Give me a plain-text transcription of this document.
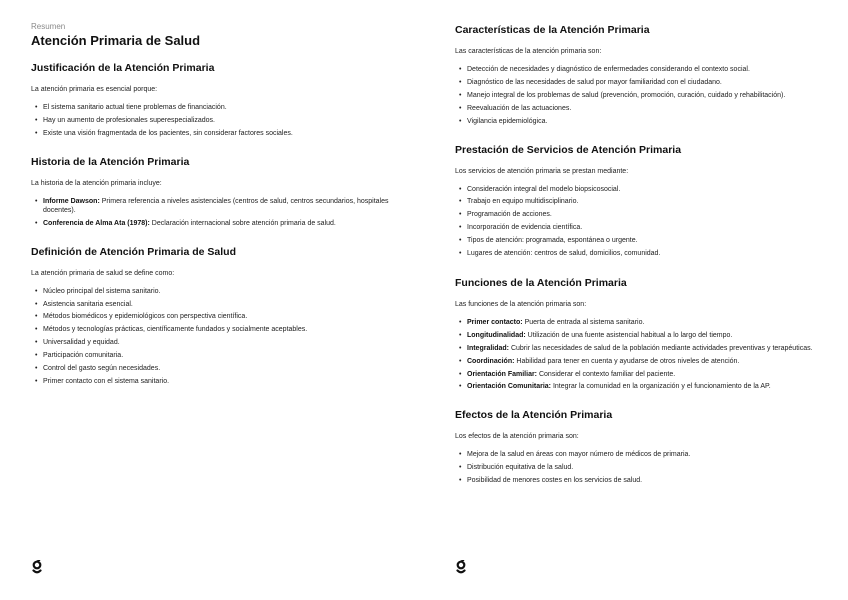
Resumen
Atención Primaria de Salud
Justificación de la Atención Primaria

La atención primaria es esencial porque:

• El sistema sanitario actual tiene problemas de financiación.
• Hay un aumento de profesionales superespecializados.
• Existe una visión fragmentada de los pacientes, sin considerar factores sociales.
Historia de la Atención Primaria

La historia de la atención primaria incluye:

• Informe Dawson: Primera referencia a niveles asistenciales (centros de salud, centros secundarios, hospitales docentes).
• Conferencia de Alma Ata (1978): Declaración internacional sobre atención primaria de salud.
Definición de Atención Primaria de Salud

La atención primaria de salud se define como:

• Núcleo principal del sistema sanitario.
• Asistencia sanitaria esencial.
• Métodos biomédicos y epidemiológicos con perspectiva científica.
• Métodos y tecnologías prácticas, científicamente fundados y socialmente aceptables.
• Universalidad y equidad.
• Participación comunitaria.
• Control del gasto según necesidades.
• Primer contacto con el sistema sanitario.
Características de la Atención Primaria

Las características de la atención primaria son:

• Detección de necesidades y diagnóstico de enfermedades considerando el contexto social.
• Diagnóstico de las necesidades de salud por mayor familiaridad con el ciudadano.
• Manejo integral de los problemas de salud (prevención, promoción, curación, cuidado y rehabilitación).
• Reevaluación de las actuaciones.
• Vigilancia epidemiológica.
Prestación de Servicios de Atención Primaria

Los servicios de atención primaria se prestan mediante:

• Consideración integral del modelo biopsicosocial.
• Trabajo en equipo multidisciplinario.
• Programación de acciones.
• Incorporación de evidencia científica.
• Tipos de atención: programada, espontánea o urgente.
• Lugares de atención: centros de salud, domicilios, comunidad.
Funciones de la Atención Primaria

Las funciones de la atención primaria son:

• Primer contacto: Puerta de entrada al sistema sanitario.
• Longitudinalidad: Utilización de una fuente asistencial habitual a lo largo del tiempo.
• Integralidad: Cubrir las necesidades de salud de la población mediante actividades preventivas y terapéuticas.
• Coordinación: Habilidad para tener en cuenta y ayudarse de otros niveles de atención.
• Orientación Familiar: Considerar el contexto familiar del paciente.
• Orientación Comunitaria: Integrar la comunidad en la organización y el funcionamiento de la AP.
Efectos de la Atención Primaria

Los efectos de la atención primaria son:

• Mejora de la salud en áreas con mayor número de médicos de primaria.
• Distribución equitativa de la salud.
• Posibilidad de menores costes en los servicios de salud.
